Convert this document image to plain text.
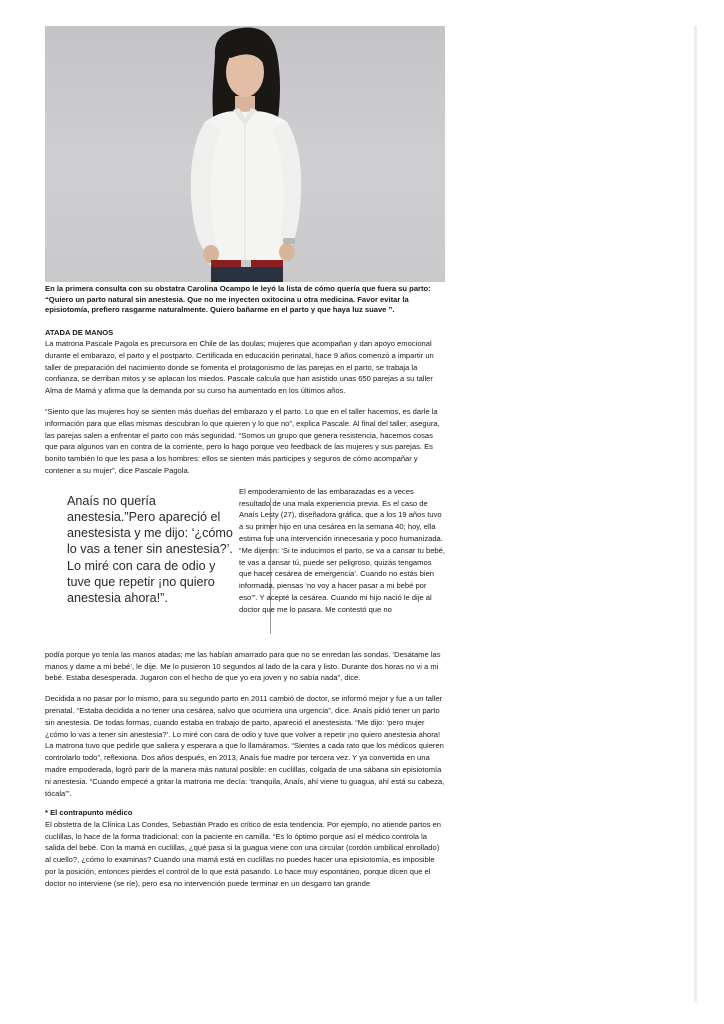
En la primera consulta con su obstatra Carolina Ocampo le leyó la lista de cómo quería que fuera su parto: “Quiero un parto natural sin anestesia. Que no me inyecten oxitocina u otra medicina. Favor evitar la episiotomía, prefiero rasgarme naturalmente. Quiero bañarme en el parto y que haya luz suave ”.

ATADA DE MANOS

La matrona Pascale Pagola es precursora en Chile de las doulas; mujeres que acompañan y dan apoyo emocional durante el embarazo, el parto y el postparto. Certificada en educación perinatal, hace 9 años comenzó a impartir un taller de preparación del nacimiento donde se fomenta el protagonismo de las parejas en el parto, se trabaja la confianza, se derriban mitos y se aplacan los miedos. Pascale calcula que han asistido unas 650 parejas a su taller Alma de Mamá y afirma que la demanda por su curso ha aumentado en los últimos años.

“Siento que las mujeres hoy se sienten más dueñas del embarazo y el parto. Lo que en el taller hacemos, es darle la información para que ellas mismas descubran lo que quieren y lo que no”, explica Pascale. Al final del taller, asegura, las parejas salen a enfrentar el parto con más seguridad. “Somos un grupo que genera resistencia, hacemos cosas que para algunos van en contra de la corriente, pero lo hago porque veo feedback de las mujeres y sus parejas. Es bonito también lo que les pasa a los hombres: ellos se sienten más participes y seguros de cómo acompañar y contener a su mujer”, dice Pascale Pagola.

Anaís no quería anestesia.”Pero apareció el anestesista y me dijo: ‘¿cómo lo vas a tener sin anestesia?’. Lo miré con cara de odio y tuve que repetir ¡no quiero anestesia ahora!”.

El empoderamiento de las embarazadas es a veces resultado de una mala experiencia previa. Es el caso de Anaís Lesty (27), diseñadora gráfica, que a los 19 años tuvo a su primer hijo en una cesárea en la semana 40; hoy, ella estima fue una intervención innecesaria y poco humanizada. “Me dijeron: ‘Si te inducimos el parto, se va a cansar tu bebé, te vas a cansar tú, puede ser peligroso, quizás tengamos que hacer cesárea de emergencia’. Cuando no estás bien informada, piensas ‘no voy a hacer pasar a mi bebé por eso’”. Y acepté la cesárea. Cuando mi hijo nació le dije al doctor que me lo pasara. Me contestó que no

podía porque yo tenía las manos atadas; me las habían amarrado para que no se enredan las sondas. ‘Desátame las manos y dame a mi bebé’, le dije. Me lo pusieron 10 segundos al lado de la cara y listo. Durante dos horas no vi a mi bebé. Estaba desesperada. Jugaron con el hecho de que yo era joven y no sabía nada”, dice.

Decidida a no pasar por lo mismo, para su segundo parto en 2011 cambió de doctor, se informó mejor y fue a un taller prenatal. “Estaba decidida a no tener una cesárea, salvo que ocurriera una urgencia”, dice. Anaís pidió tener un parto sin anestesia. De todas formas, cuando estaba en trabajo de parto, apareció el anestesista. “Me dijo: ‘pero mujer ¿cómo lo vas a tener sin anestesia?’. Lo miré con cara de odio y tuve que volver a repetir ¡no quiero anestesia ahora! La matrona tuvo que pedirle que saliera y esperara a que lo llamáramos. “Sientes a cada rato que los médicos quieren controlarlo todo”, reflexiona. Dos años después, en 2013, Anaís fue madre por tercera vez. Y ya convertida en una madre empoderada, logró parir de la manera más natural posible: en cuclillas, colgada de una sábana sin episiotomía ni anestesia. “Cuando empecé a gritar la matrona me decía: ‘tranquila, Anaís, ahí viene tu guagua, ahí está su cabeza, tócala’”.

* El contrapunto médico

El obstetra de la Clínica Las Condes, Sebastián Prado es crítico de esta tendencia. Por ejemplo, no atiende partos en cuclillas, lo hace de la forma tradicional: con la paciente en camilla. “Es lo óptimo porque así el médico controla la salida del bebé. Con la mamá en cuclillas, ¿qué pasa si la guagua viene con una circular (cordón umbilical enrollado) al cuello?, ¿cómo lo examinas? Cuando una mamá está en cuclillas no puedes hacer una episiotomía, es imposible por la posición, entonces pierdes el control de lo que está pasando. Lo hace muy espontáneo, porque dicen que el doctor no interviene (se ríe), pero esa no intervención puede terminar en un desgarro tan grande
